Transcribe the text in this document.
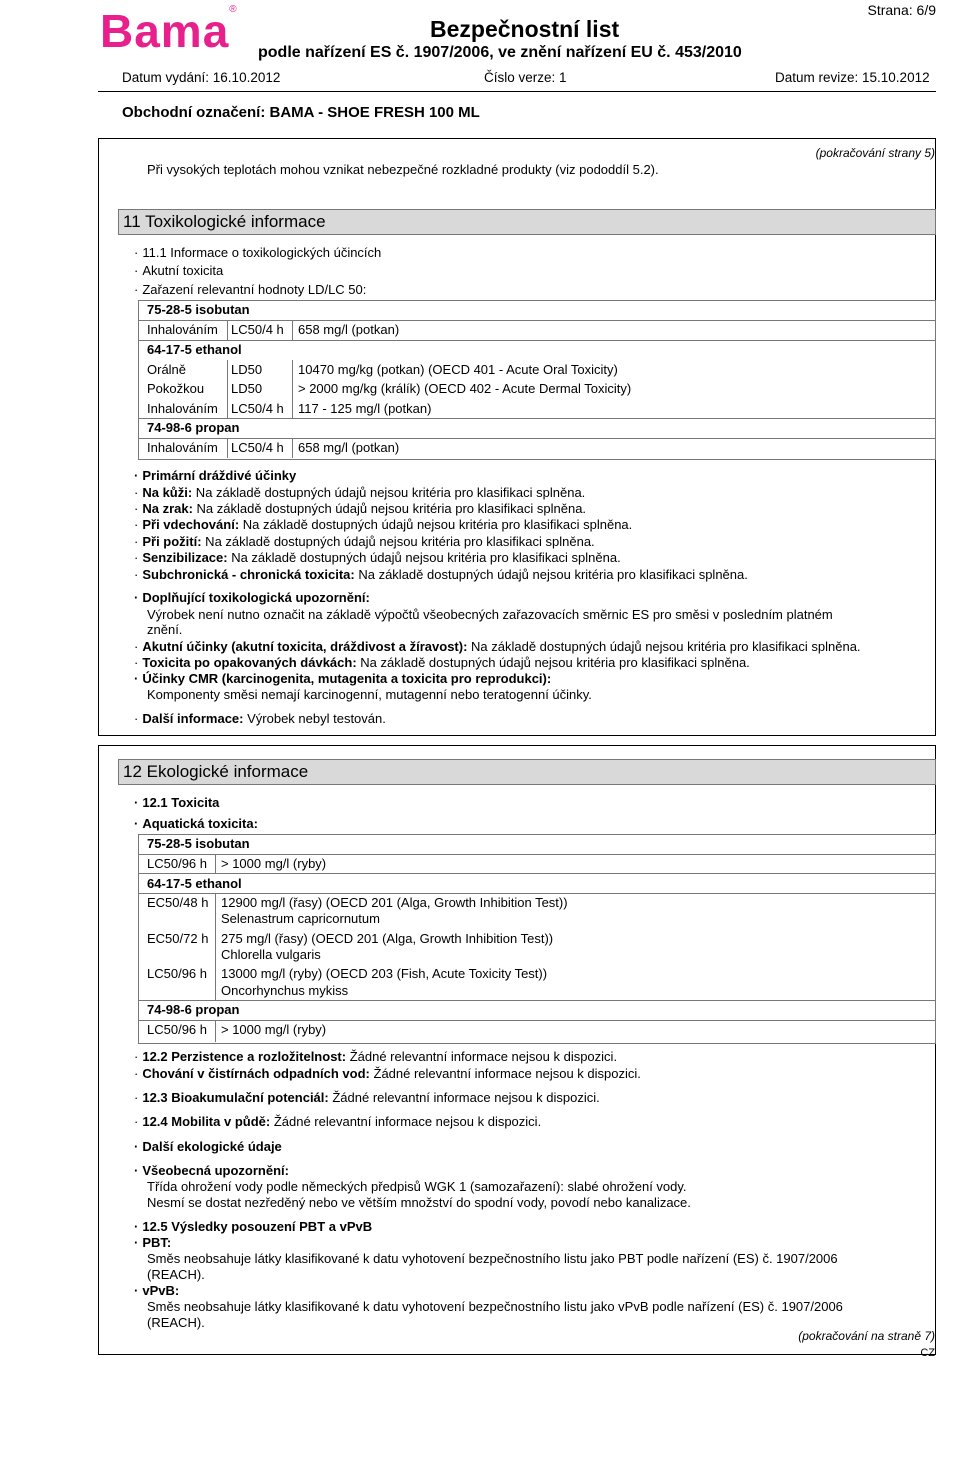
Bama®	Strana: 6/9
Bezpečnostní list
podle nařízení ES č. 1907/2006, ve znění nařízení EU č. 453/2010
Datum vydání: 16.10.2012	Číslo verze: 1	Datum revize: 15.10.2012
Obchodní označení: BAMA - SHOE FRESH 100 ML
(pokračování strany 5)
Při vysokých teplotách mohou vznikat nebezpečné rozkladné produkty (viz pododdíl 5.2).
11 Toxikologické informace
· 11.1 Informace o toxikologických účincích
· Akutní toxicita
· Zařazení relevantní hodnoty LD/LC 50:
75-28-5 isobutan
Inhalováním LC50/4 h 658 mg/l (potkan)
64-17-5 ethanol
Orálně	LD50	10470 mg/kg (potkan) (OECD 401 - Acute Oral Toxicity)
Pokožkou LD50	> 2000 mg/kg (králík) (OECD 402 - Acute Dermal Toxicity)
Inhalováním LC50/4 h 117 - 125 mg/l (potkan)
74-98-6 propan
Inhalováním LC50/4 h 658 mg/l (potkan)
· Primární dráždivé účinky
· Na kůži: Na základě dostupných údajů nejsou kritéria pro klasifikaci splněna.
· Na zrak: Na základě dostupných údajů nejsou kritéria pro klasifikaci splněna.
· Při vdechování: Na základě dostupných údajů nejsou kritéria pro klasifikaci splněna.
· Při požití: Na základě dostupných údajů nejsou kritéria pro klasifikaci splněna.
· Senzibilizace: Na základě dostupných údajů nejsou kritéria pro klasifikaci splněna.
· Subchronická - chronická toxicita: Na základě dostupných údajů nejsou kritéria pro klasifikaci splněna.
· Doplňující toxikologická upozornění:
Výrobek není nutno označit na základě výpočtů všeobecných zařazovacích směrnic ES pro směsi v posledním platném
znění.
· Akutní účinky (akutní toxicita, dráždivost a žíravost): Na základě dostupných údajů nejsou kritéria pro klasifikaci splněna.
· Toxicita po opakovaných dávkách: Na základě dostupných údajů nejsou kritéria pro klasifikaci splněna.
· Účinky CMR (karcinogenita, mutagenita a toxicita pro reprodukci):
Komponenty směsi nemají karcinogenní, mutagenní nebo teratogenní účinky.
· Další informace: Výrobek nebyl testován.
12 Ekologické informace
· 12.1 Toxicita
· Aquatická toxicita:
75-28-5 isobutan
LC50/96 h > 1000 mg/l (ryby)
64-17-5 ethanol
EC50/48 h 12900 mg/l (řasy) (OECD 201 (Alga, Growth Inhibition Test))
Selenastrum capricornutum
EC50/72 h 275 mg/l (řasy) (OECD 201 (Alga, Growth Inhibition Test))
Chlorella vulgaris
LC50/96 h 13000 mg/l (ryby) (OECD 203 (Fish, Acute Toxicity Test))
Oncorhynchus mykiss
74-98-6 propan
LC50/96 h > 1000 mg/l (ryby)
· 12.2 Perzistence a rozložitelnost: Žádné relevantní informace nejsou k dispozici.
· Chování v čistírnách odpadních vod: Žádné relevantní informace nejsou k dispozici.
· 12.3 Bioakumulační potenciál: Žádné relevantní informace nejsou k dispozici.
· 12.4 Mobilita v půdě: Žádné relevantní informace nejsou k dispozici.
· Další ekologické údaje
· Všeobecná upozornění:
Třída ohrožení vody podle německých předpisů WGK 1 (samozařazení): slabé ohrožení vody.
Nesmí se dostat nezředěný nebo ve větším množství do spodní vody, povodí nebo kanalizace.
· 12.5 Výsledky posouzení PBT a vPvB
· PBT:
Směs neobsahuje látky klasifikované k datu vyhotovení bezpečnostního listu jako PBT podle nařízení (ES) č. 1907/2006
(REACH).
· vPvB:
Směs neobsahuje látky klasifikované k datu vyhotovení bezpečnostního listu jako vPvB podle nařízení (ES) č. 1907/2006
(REACH).
(pokračování na straně 7)
CZ
